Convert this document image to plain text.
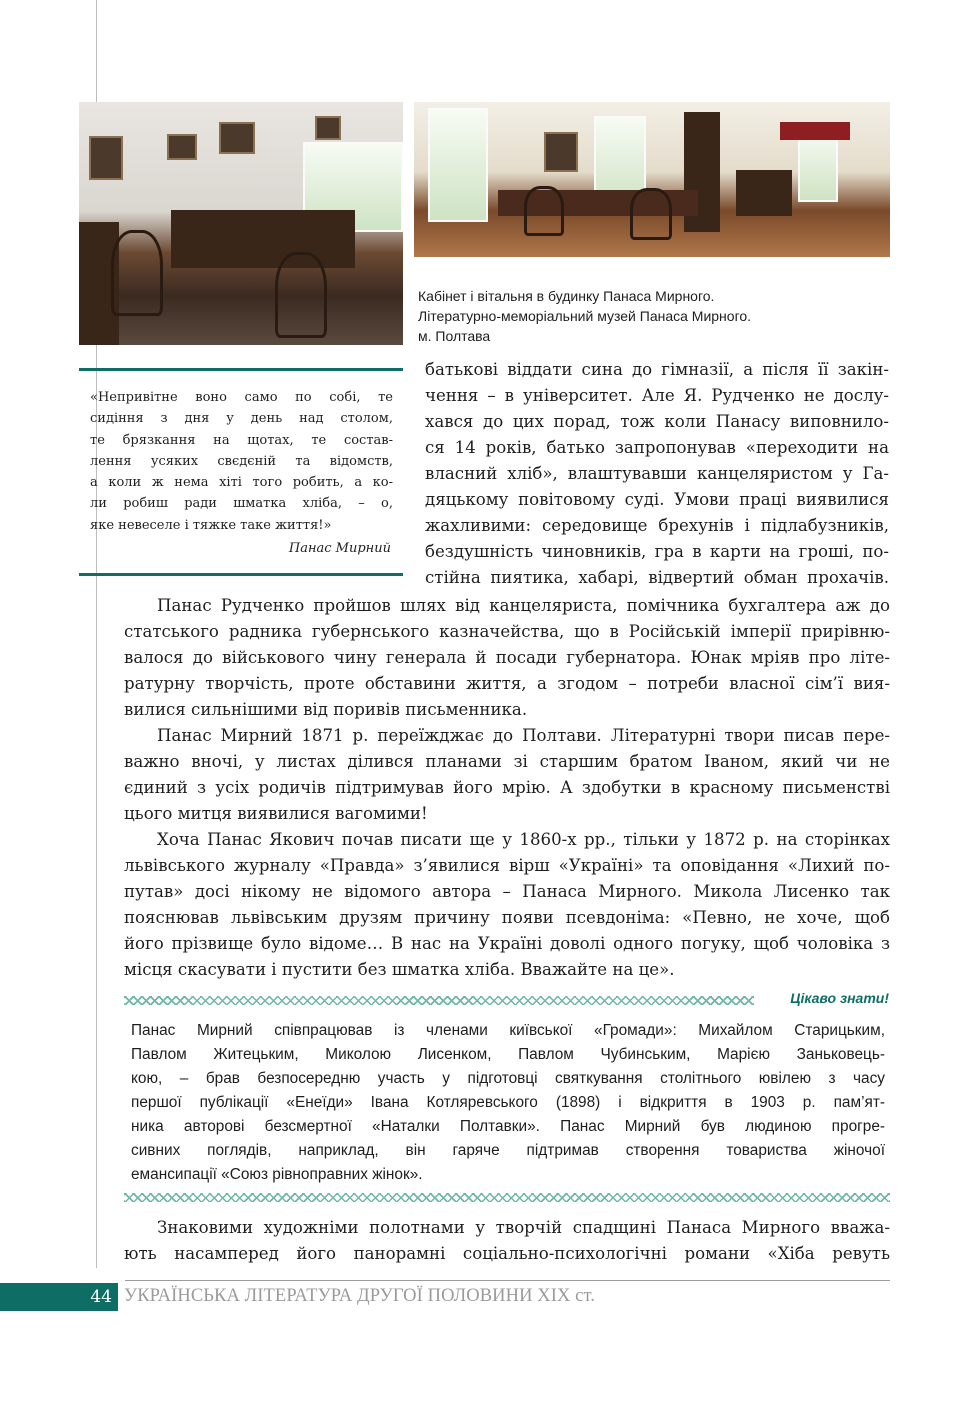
Кабінет і вітальня в будинку Панаса Мирного.
Літературно-меморіальний музей Панаса Мирного.
м. Полтава
«Непривітне воно само по собі, те
сидіння з дня у день над столом,
те брязкання на щотах, те состав-
лення усяких свєдєній та відомств,
а коли ж нема хіті того робить, а ко-
ли робиш ради шматка хліба, – о,
яке невеселе і тяжке таке життя!»
Панас Мирний
батькові віддати сина до гімназії, а після її закін-
чення – в університет. Але Я. Рудченко не дослу-
хався до цих порад, тож коли Панасу виповнило-
ся 14 років, батько запропонував «переходити на
власний хліб», влаштувавши канцеляристом у Га-
дяцькому повітовому суді. Умови праці виявилися
жахливими: середовище брехунів і підлабузників,
бездушність чиновників, гра в карти на гроші, по-
стійна пиятика, хабарі, відвертий обман прохачів.
Панас Рудченко пройшов шлях від канцеляриста, помічника бухгалтера аж до
статського радника губернського казначейства, що в Російській імперії прирівню-
валося до військового чину генерала й посади губернатора. Юнак мріяв про літе-
ратурну творчість, проте обставини життя, а згодом – потреби власної сім’ї вия-
вилися сильнішими від поривів письменника.
Панас Мирний 1871 р. переїжджає до Полтави. Літературні твори писав пере-
важно вночі, у листах ділився планами зі старшим братом Іваном, який чи не
єдиний з усіх родичів підтримував його мрію. А здобутки в красному письменстві
цього митця виявилися вагомими!
Хоча Панас Якович почав писати ще у 1860-х рр., тільки у 1872 р. на сторінках
львівського журналу «Правда» з’явилися вірш «Україні» та оповідання «Лихий по-
путав» досі нікому не відомого автора – Панаса Мирного. Микола Лисенко так
пояснював львівським друзям причину появи псевдоніма: «Певно, не хоче, щоб
його прізвище було відоме… В нас на Україні доволі одного погуку, щоб чоловіка з
місця скасувати і пустити без шматка хліба. Вважайте на це».
Цікаво знати!
Панас Мирний співпрацював із членами київської «Громади»: Михайлом Старицьким,
Павлом Житецьким, Миколою Лисенком, Павлом Чубинським, Марією Заньковець-
кою, – брав безпосередню участь у підготовці святкування столітнього ювілею з часу
першої публікації «Енеїди» Івана Котляревського (1898) і відкриття в 1903 р. пам’ят-
ника авторові безсмертної «Наталки Полтавки». Панас Мирний був людиною прогре-
сивних поглядів, наприклад, він гаряче підтримав створення товариства жіночої
емансипації «Союз рівноправних жінок».
Знаковими художніми полотнами у творчій спадщині Панаса Мирного вважа-
ють насамперед його панорамні соціально-психологічні романи «Хіба ревуть
44 УКРАЇНСЬКА ЛІТЕРАТУРА ДРУГОЇ ПОЛОВИНИ XIX ст.
